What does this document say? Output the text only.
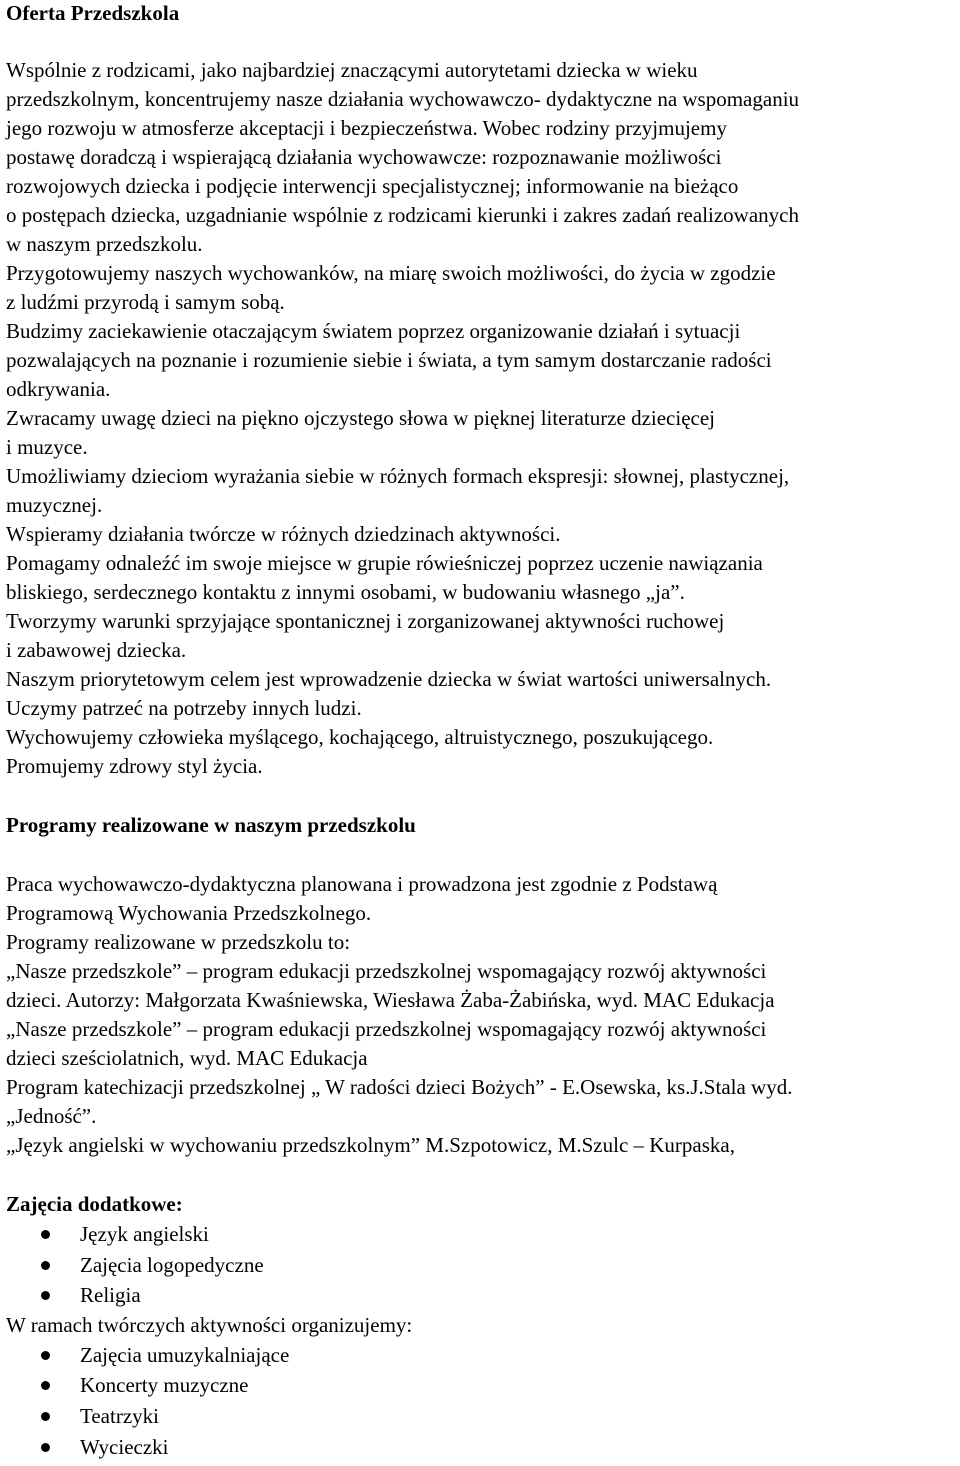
Oferta Przedszkola
Wspólnie z rodzicami, jako najbardziej znaczącymi autorytetami dziecka w wieku
przedszkolnym, koncentrujemy nasze działania wychowawczo- dydaktyczne na wspomaganiu
jego rozwoju w atmosferze akceptacji i bezpieczeństwa. Wobec rodziny przyjmujemy
postawę doradczą i wspierającą działania wychowawcze: rozpoznawanie możliwości
rozwojowych dziecka i podjęcie interwencji specjalistycznej; informowanie na bieżąco
o postępach dziecka, uzgadnianie wspólnie z rodzicami kierunki i zakres zadań realizowanych
w naszym przedszkolu.
Przygotowujemy naszych wychowanków, na miarę swoich możliwości, do życia w zgodzie
z ludźmi przyrodą i samym sobą.
Budzimy zaciekawienie otaczającym światem poprzez organizowanie działań i sytuacji
pozwalających na poznanie i rozumienie siebie i świata, a tym samym dostarczanie radości
odkrywania.
Zwracamy uwagę dzieci na piękno ojczystego słowa w pięknej literaturze dziecięcej
i muzyce.
Umożliwiamy dzieciom wyrażania siebie w różnych formach ekspresji: słownej, plastycznej,
muzycznej.
Wspieramy działania twórcze w różnych dziedzinach aktywności.
Pomagamy odnaleźć im swoje miejsce w grupie rówieśniczej poprzez uczenie nawiązania
bliskiego, serdecznego kontaktu z innymi osobami, w budowaniu własnego „ja”.
Tworzymy warunki sprzyjające spontanicznej i zorganizowanej aktywności ruchowej
i zabawowej dziecka.
Naszym priorytetowym celem jest wprowadzenie dziecka w świat wartości uniwersalnych.
Uczymy patrzeć na potrzeby innych ludzi.
Wychowujemy człowieka myślącego, kochającego, altruistycznego, poszukującego.
Promujemy zdrowy styl życia.
Programy realizowane w naszym przedszkolu
Praca wychowawczo-dydaktyczna planowana i prowadzona jest zgodnie z Podstawą
Programową Wychowania Przedszkolnego.
Programy realizowane w przedszkolu to:
„Nasze przedszkole” – program edukacji przedszkolnej wspomagający rozwój aktywności
dzieci. Autorzy: Małgorzata Kwaśniewska, Wiesława Żaba-Żabińska, wyd. MAC Edukacja
„Nasze przedszkole” – program edukacji przedszkolnej wspomagający rozwój aktywności
dzieci sześciolatnich, wyd. MAC Edukacja
Program katechizacji przedszkolnej „ W radości dzieci Bożych” - E.Osewska, ks.J.Stala wyd.
„Jedność”.
„Język angielski w wychowaniu przedszkolnym” M.Szpotowicz, M.Szulc – Kurpaska,
Zajęcia dodatkowe:
Język angielski
Zajęcia logopedyczne
Religia
W ramach twórczych aktywności organizujemy:
Zajęcia umuzykalniające
Koncerty muzyczne
Teatrzyki
Wycieczki
